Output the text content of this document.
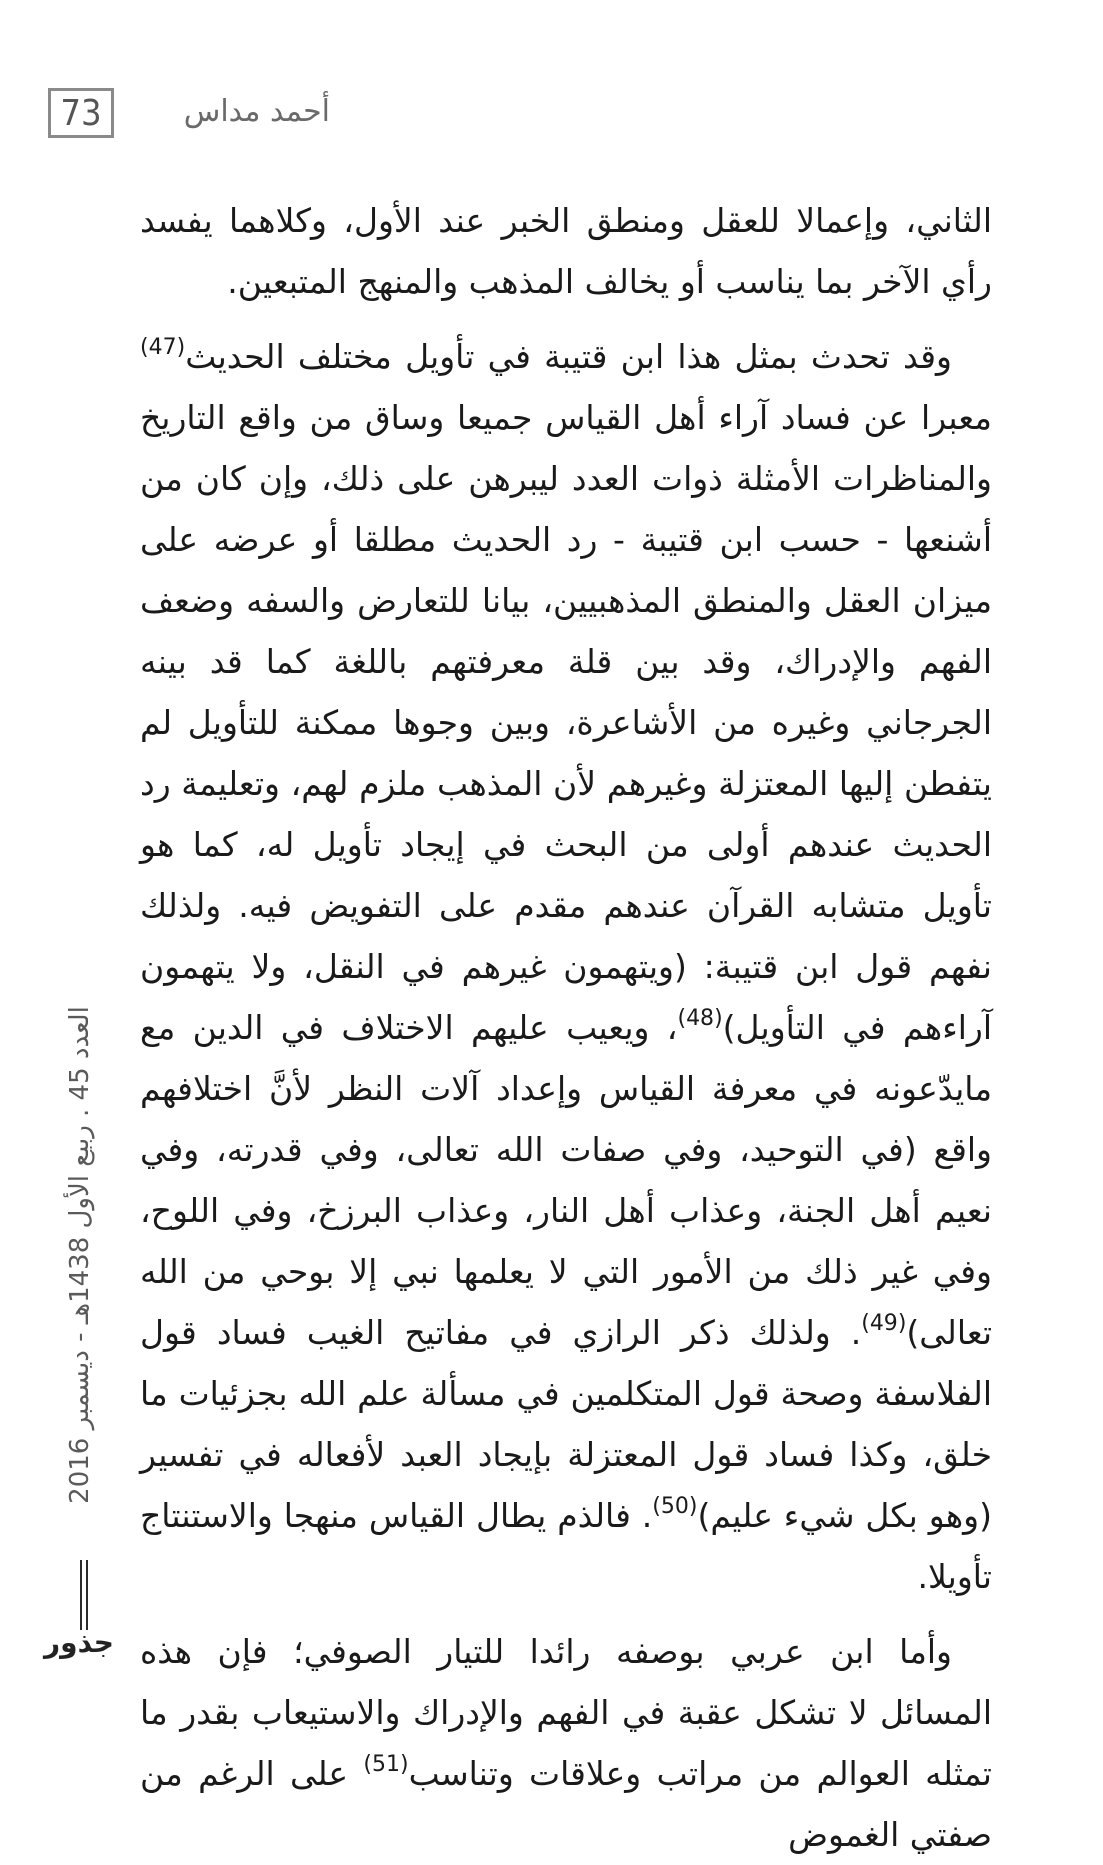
73	أحمد مداس

الثاني، وإعمالا للعقل ومنطق الخبر عند الأول، وكلاهما يفسد رأي الآخر بما يناسب أو يخالف المذهب والمنهج المتبعين.

وقد تحدث بمثل هذا ابن قتيبة في تأويل مختلف الحديث$^{(47)}$ معبرا عن فساد آراء أهل القياس جميعا وساق من واقع التاريخ والمناظرات الأمثلة ذوات العدد ليبرهن على ذلك، وإن كان من أشنعها - حسب ابن قتيبة - رد الحديث مطلقا أو عرضه على ميزان العقل والمنطق المذهبيين، بيانا للتعارض والسفه وضعف الفهم والإدراك، وقد بين قلة معرفتهم باللغة كما قد بينه الجرجاني وغيره من الأشاعرة، وبين وجوها ممكنة للتأويل لم يتفطن إليها المعتزلة وغيرهم لأن المذهب ملزم لهم، وتعليمة رد الحديث عندهم أولى من البحث في إيجاد تأويل له، كما هو تأويل متشابه القرآن عندهم مقدم على التفويض فيه. ولذلك نفهم قول ابن قتيبة: (ويتهمون غيرهم في النقل، ولا يتهمون آراءهم في التأويل)$^{(48)}$، ويعيب عليهم الاختلاف في الدين مع مايدّعونه في معرفة القياس وإعداد آلات النظر لأنَّ اختلافهم واقع (في التوحيد، وفي صفات الله تعالى، وفي قدرته، وفي نعيم أهل الجنة، وعذاب أهل النار، وعذاب البرزخ، وفي اللوح، وفي غير ذلك من الأمور التي لا يعلمها نبي إلا بوحي من الله تعالى)$^{(49)}$. ولذلك ذكر الرازي في مفاتيح الغيب فساد قول الفلاسفة وصحة قول المتكلمين في مسألة علم الله بجزئيات ما خلق، وكذا فساد قول المعتزلة بإيجاد العبد لأفعاله في تفسير (وهو بكل شيء عليم)$^{(50)}$. فالذم يطال القياس منهجا والاستنتاج تأويلا.

وأما ابن عربي بوصفه رائدا للتيار الصوفي؛ فإن هذه المسائل لا تشكل عقبة في الفهم والإدراك والاستيعاب بقدر ما تمثله العوالم من مراتب وعلاقات وتناسب$^{(51)}$ على الرغم من صفتي الغموض

العدد 45 . ربيع الأول 1438هـ - ديسمبر 2016
جذور
